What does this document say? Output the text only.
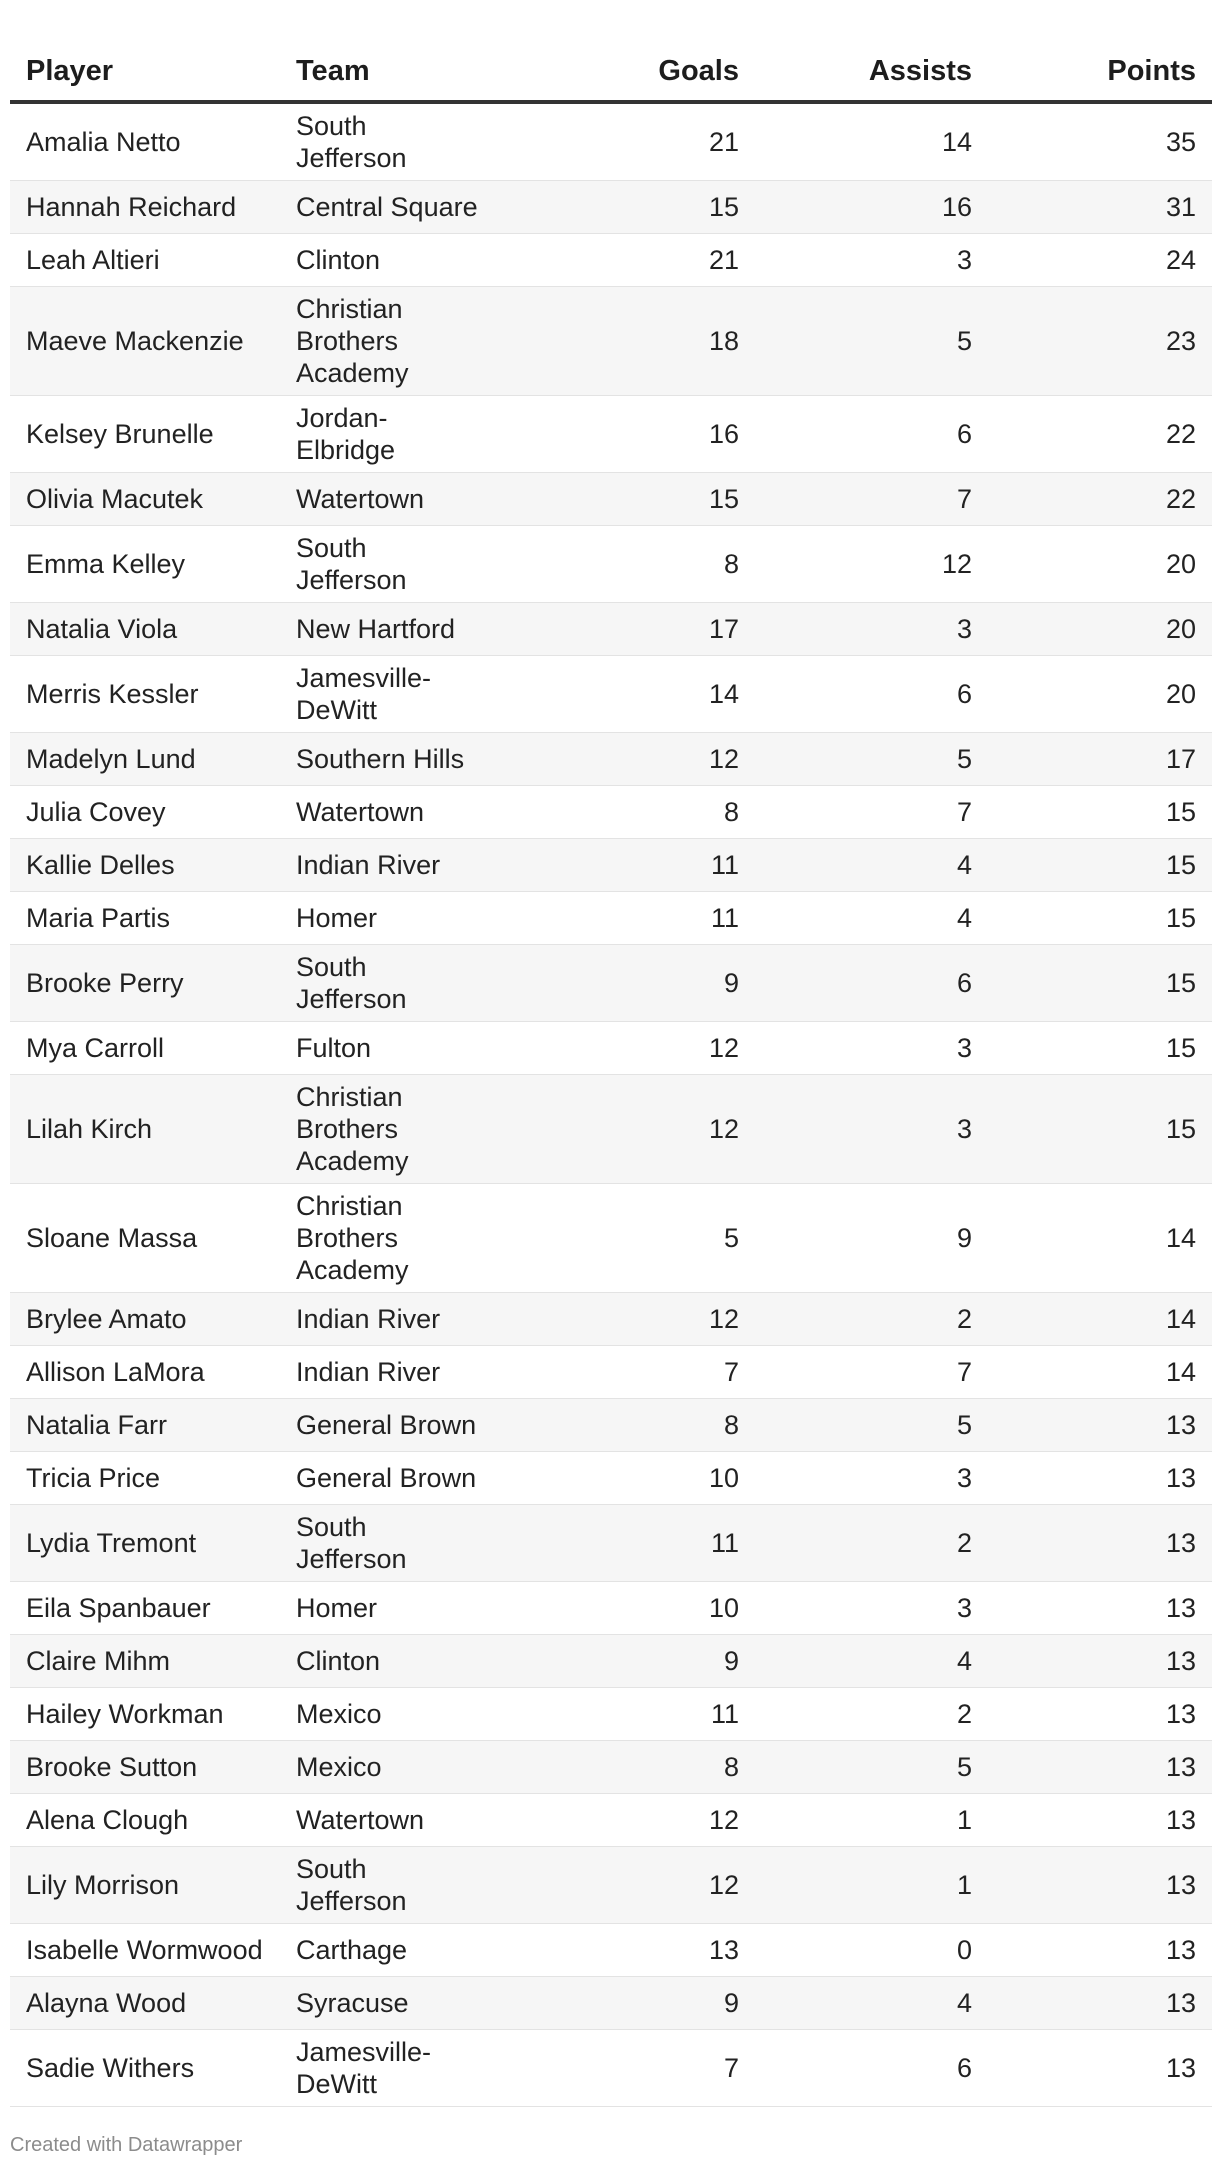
Player	Team	Goals	Assists	Points
Amalia Netto	South Jefferson	21	14	35
Hannah Reichard	Central Square	15	16	31
Leah Altieri	Clinton	21	3	24
Maeve Mackenzie	Christian Brothers Academy	18	5	23
Kelsey Brunelle	Jordan-Elbridge	16	6	22
Olivia Macutek	Watertown	15	7	22
Emma Kelley	South Jefferson	8	12	20
Natalia Viola	New Hartford	17	3	20
Merris Kessler	Jamesville-DeWitt	14	6	20
Madelyn Lund	Southern Hills	12	5	17
Julia Covey	Watertown	8	7	15
Kallie Delles	Indian River	11	4	15
Maria Partis	Homer	11	4	15
Brooke Perry	South Jefferson	9	6	15
Mya Carroll	Fulton	12	3	15
Lilah Kirch	Christian Brothers Academy	12	3	15
Sloane Massa	Christian Brothers Academy	5	9	14
Brylee Amato	Indian River	12	2	14
Allison LaMora	Indian River	7	7	14
Natalia Farr	General Brown	8	5	13
Tricia Price	General Brown	10	3	13
Lydia Tremont	South Jefferson	11	2	13
Eila Spanbauer	Homer	10	3	13
Claire Mihm	Clinton	9	4	13
Hailey Workman	Mexico	11	2	13
Brooke Sutton	Mexico	8	5	13
Alena Clough	Watertown	12	1	13
Lily Morrison	South Jefferson	12	1	13
Isabelle Wormwood	Carthage	13	0	13
Alayna Wood	Syracuse	9	4	13
Sadie Withers	Jamesville-DeWitt	7	6	13
Created with Datawrapper
